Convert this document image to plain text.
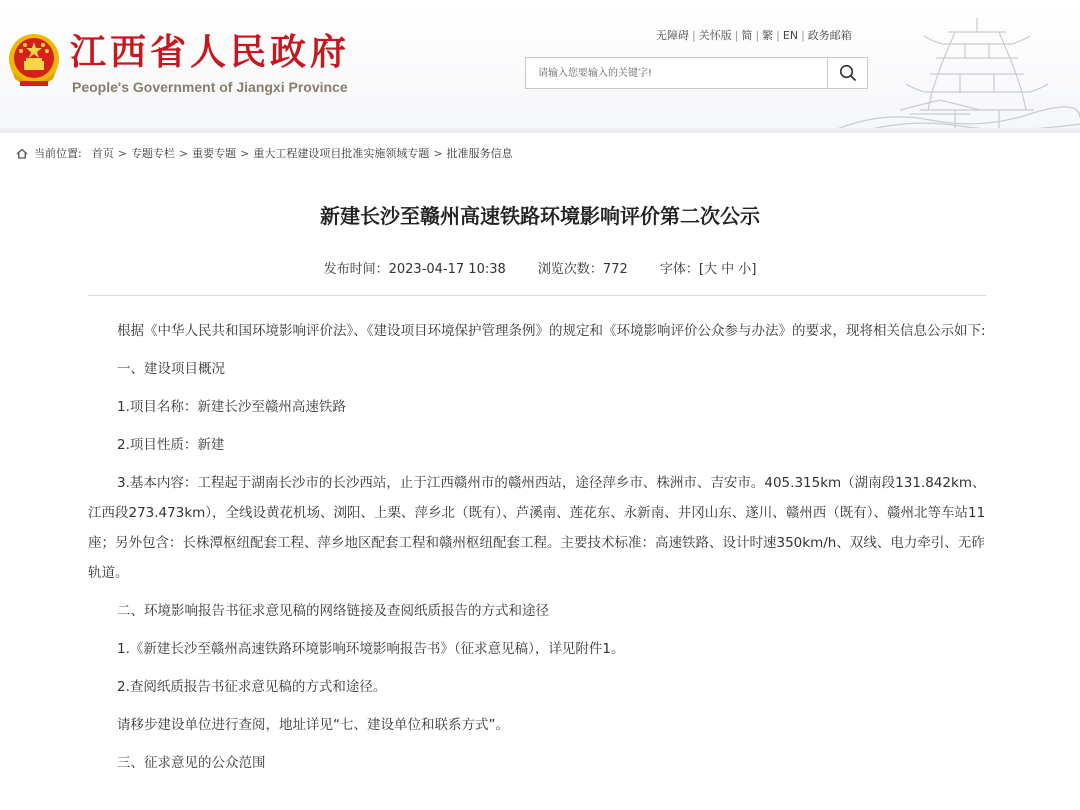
江西省人民政府
People's Government of Jiangxi Province
无障碍 | 关怀版 | 简 | 繁 | EN | 政务邮箱
请输入您要输入的关键字!
当前位置: 首页 > 专题专栏 > 重要专题 > 重大工程建设项目批准实施领域专题 > 批准服务信息
新建长沙至赣州高速铁路环境影响评价第二次公示
发布时间：2023-04-17 10:38 浏览次数：772 字体：[大 中 小]

根据《中华人民共和国环境影响评价法》、《建设项目环境保护管理条例》的规定和《环境影响评价公众参与办法》的要求，现将相关信息公示如下:

一、建设项目概况

1.项目名称：新建长沙至赣州高速铁路

2.项目性质：新建

3.基本内容：工程起于湖南长沙市的长沙西站，止于江西赣州市的赣州西站，途径萍乡市、株洲市、吉安市。405.315km（湖南段131.842km、江西段273.473km），全线设黄花机场、浏阳、上栗、萍乡北（既有）、芦溪南、莲花东、永新南、井冈山东、遂川、赣州西（既有）、赣州北等车站11座；另外包含：长株潭枢纽配套工程、萍乡地区配套工程和赣州枢纽配套工程。主要技术标准：高速铁路、设计时速350km/h、双线、电力牵引、无砟轨道。

二、环境影响报告书征求意见稿的网络链接及查阅纸质报告的方式和途径

1.《新建长沙至赣州高速铁路环境影响环境影响报告书》（征求意见稿），详见附件1。

2.查阅纸质报告书征求意见稿的方式和途径。

请移步建设单位进行查阅，地址详见“七、建设单位和联系方式”。

三、征求意见的公众范围
